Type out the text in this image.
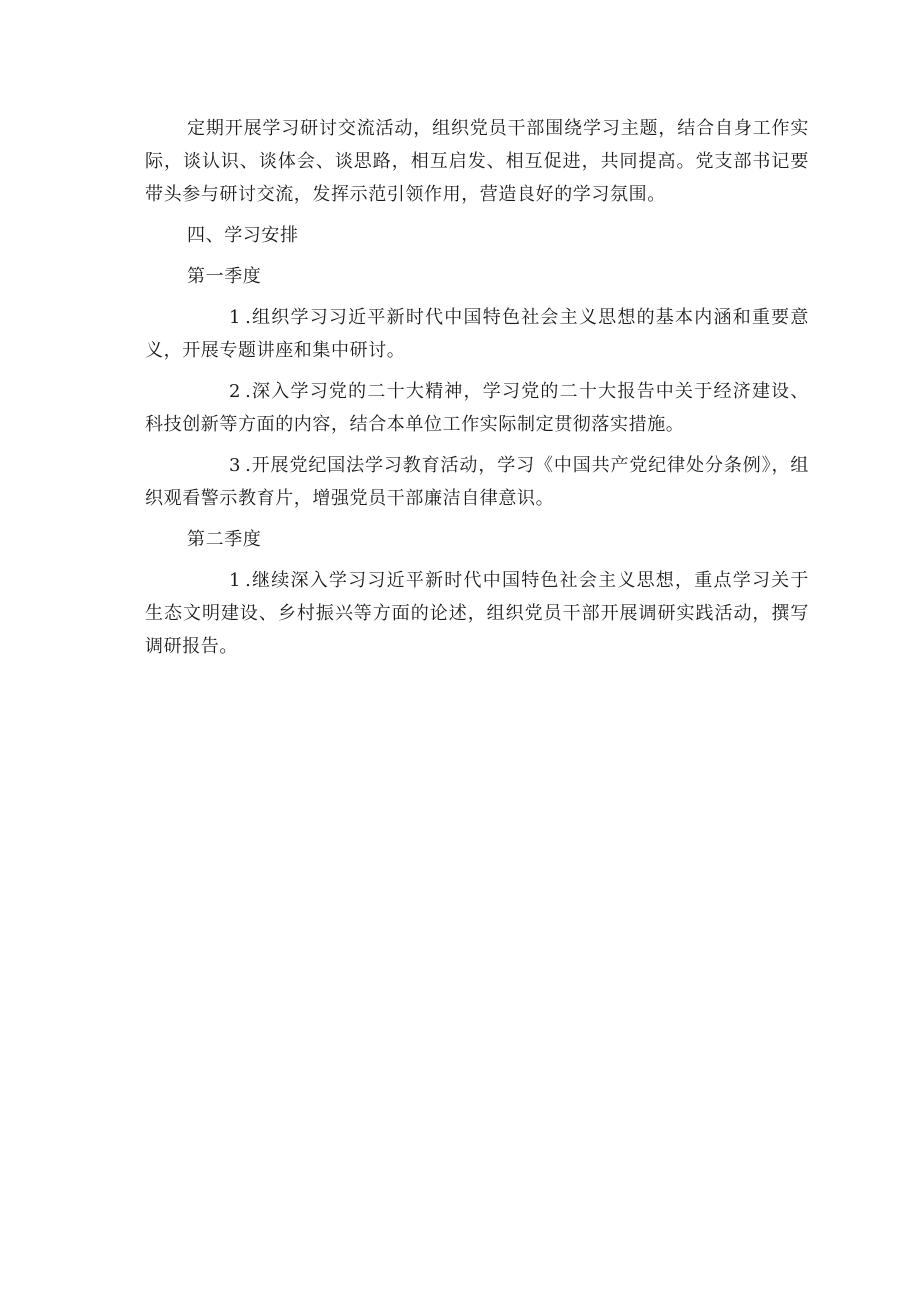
定期开展学习研讨交流活动，组织党员干部围绕学习主题，结合自身工作实际，谈认识、谈体会、谈思路，相互启发、相互促进，共同提高。党支部书记要带头参与研讨交流，发挥示范引领作用，营造良好的学习氛围。

四、学习安排

第一季度

1 .组织学习习近平新时代中国特色社会主义思想的基本内涵和重要意义，开展专题讲座和集中研讨。

2 .深入学习党的二十大精神，学习党的二十大报告中关于经济建设、科技创新等方面的内容，结合本单位工作实际制定贯彻落实措施。

3 .开展党纪国法学习教育活动，学习《中国共产党纪律处分条例》，组织观看警示教育片，增强党员干部廉洁自律意识。

第二季度

1 .继续深入学习习近平新时代中国特色社会主义思想，重点学习关于生态文明建设、乡村振兴等方面的论述，组织党员干部开展调研实践活动，撰写调研报告。
